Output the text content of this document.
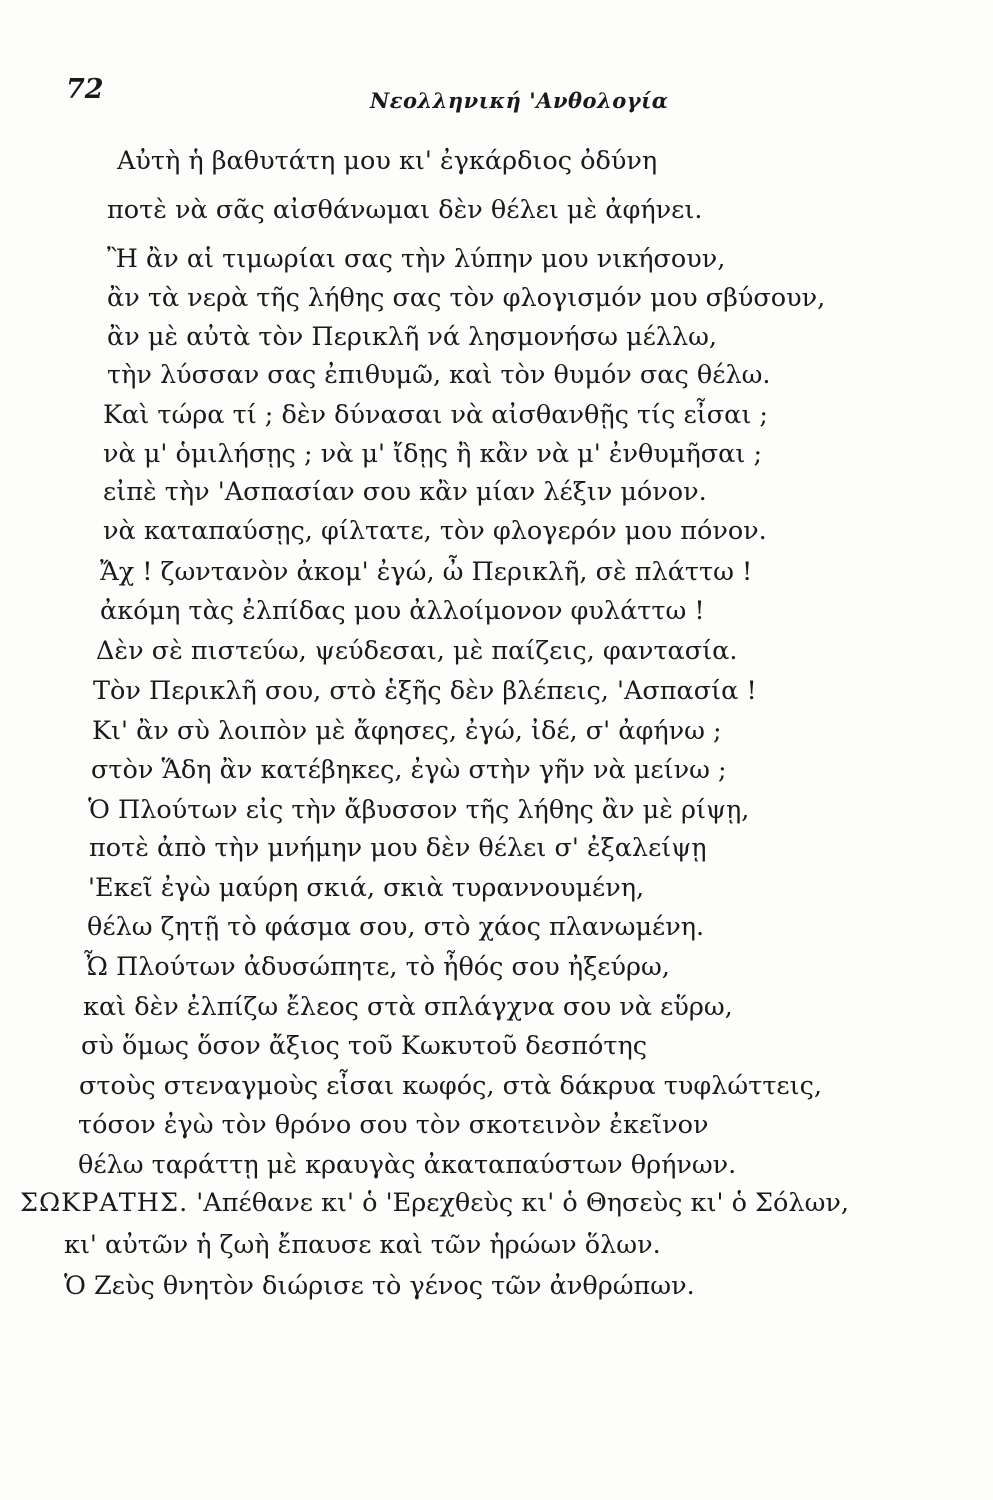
72	Νεολληνική 'Ανθολογία
Αὐτὴ ἡ βαθυτάτη μου κι' ἐγκάρδιος ὀδύνη
ποτὲ νὰ σᾶς αἰσθάνωμαι δὲν θέλει μὲ ἀφήνει.
Ἢ ἂν αἱ τιμωρίαι σας τὴν λύπην μου νικήσουν,
ἂν τὰ νερὰ τῆς λήθης σας τὸν φλογισμόν μου σβύσουν,
ἂν μὲ αὐτὰ τὸν Περικλῆ νά λησμονήσω μέλλω,
τὴν λύσσαν σας ἐπιθυμῶ, καὶ τὸν θυμόν σας θέλω.
Καὶ τώρα τί ; δὲν δύνασαι νὰ αἰσθανθῇς τίς εἶσαι ;
νὰ μ' ὁμιλήσῃς ; νὰ μ' ἴδῃς ἢ κἂν νὰ μ' ἐνθυμῆσαι ;
εἰπὲ τὴν 'Ασπασίαν σου κἂν μίαν λέξιν μόνον.
νὰ καταπαύσῃς, φίλτατε, τὸν φλογερόν μου πόνον.
Ἄχ ! ζωντανὸν ἀκομ' ἐγώ, ὦ Περικλῆ, σὲ πλάττω !
ἀκόμη τὰς ἐλπίδας μου ἀλλοίμονον φυλάττω !
Δὲν σὲ πιστεύω, ψεύδεσαι, μὲ παίζεις, φαντασία.
Τὸν Περικλῆ σου, στὸ ἑξῆς δὲν βλέπεις, 'Ασπασία !
Κι' ἂν σὺ λοιπὸν μὲ ἄφησες, ἐγώ, ἰδέ, σ' ἀφήνω ;
στὸν Ἅδη ἂν κατέβηκες, ἐγὼ στὴν γῆν νὰ μείνω ;
Ὁ Πλούτων εἰς τὴν ἄβυσσον τῆς λήθης ἂν μὲ ρίψῃ,
ποτὲ ἀπὸ τὴν μνήμην μου δὲν θέλει σ' ἐξαλείψῃ
'Εκεῖ ἐγὼ μαύρη σκιά, σκιὰ τυραννουμένη,
θέλω ζητῇ τὸ φάσμα σου, στὸ χάος πλανωμένη.
Ὦ Πλούτων ἀδυσώπητε, τὸ ἦθός σου ἠξεύρω,
καὶ δὲν ἐλπίζω ἔλεος στὰ σπλάγχνα σου νὰ εὕρω,
σὺ ὅμως ὅσον ἄξιος τοῦ Κωκυτοῦ δεσπότης
στοὺς στεναγμοὺς εἶσαι κωφός, στὰ δάκρυα τυφλώττεις,
τόσον ἐγὼ τὸν θρόνο σου τὸν σκοτεινὸν ἐκεῖνον
θέλω ταράττῃ μὲ κραυγὰς ἀκαταπαύστων θρήνων.
ΣΩΚΡΑΤΗΣ. 'Απέθανε κι' ὁ 'Ερεχθεὺς κι' ὁ Θησεὺς κι' ὁ Σόλων,
κι' αὐτῶν ἡ ζωὴ ἔπαυσε καὶ τῶν ἡρώων ὅλων.
Ὁ Ζεὺς θνητὸν διώρισε τὸ γένος τῶν ἀνθρώπων.
